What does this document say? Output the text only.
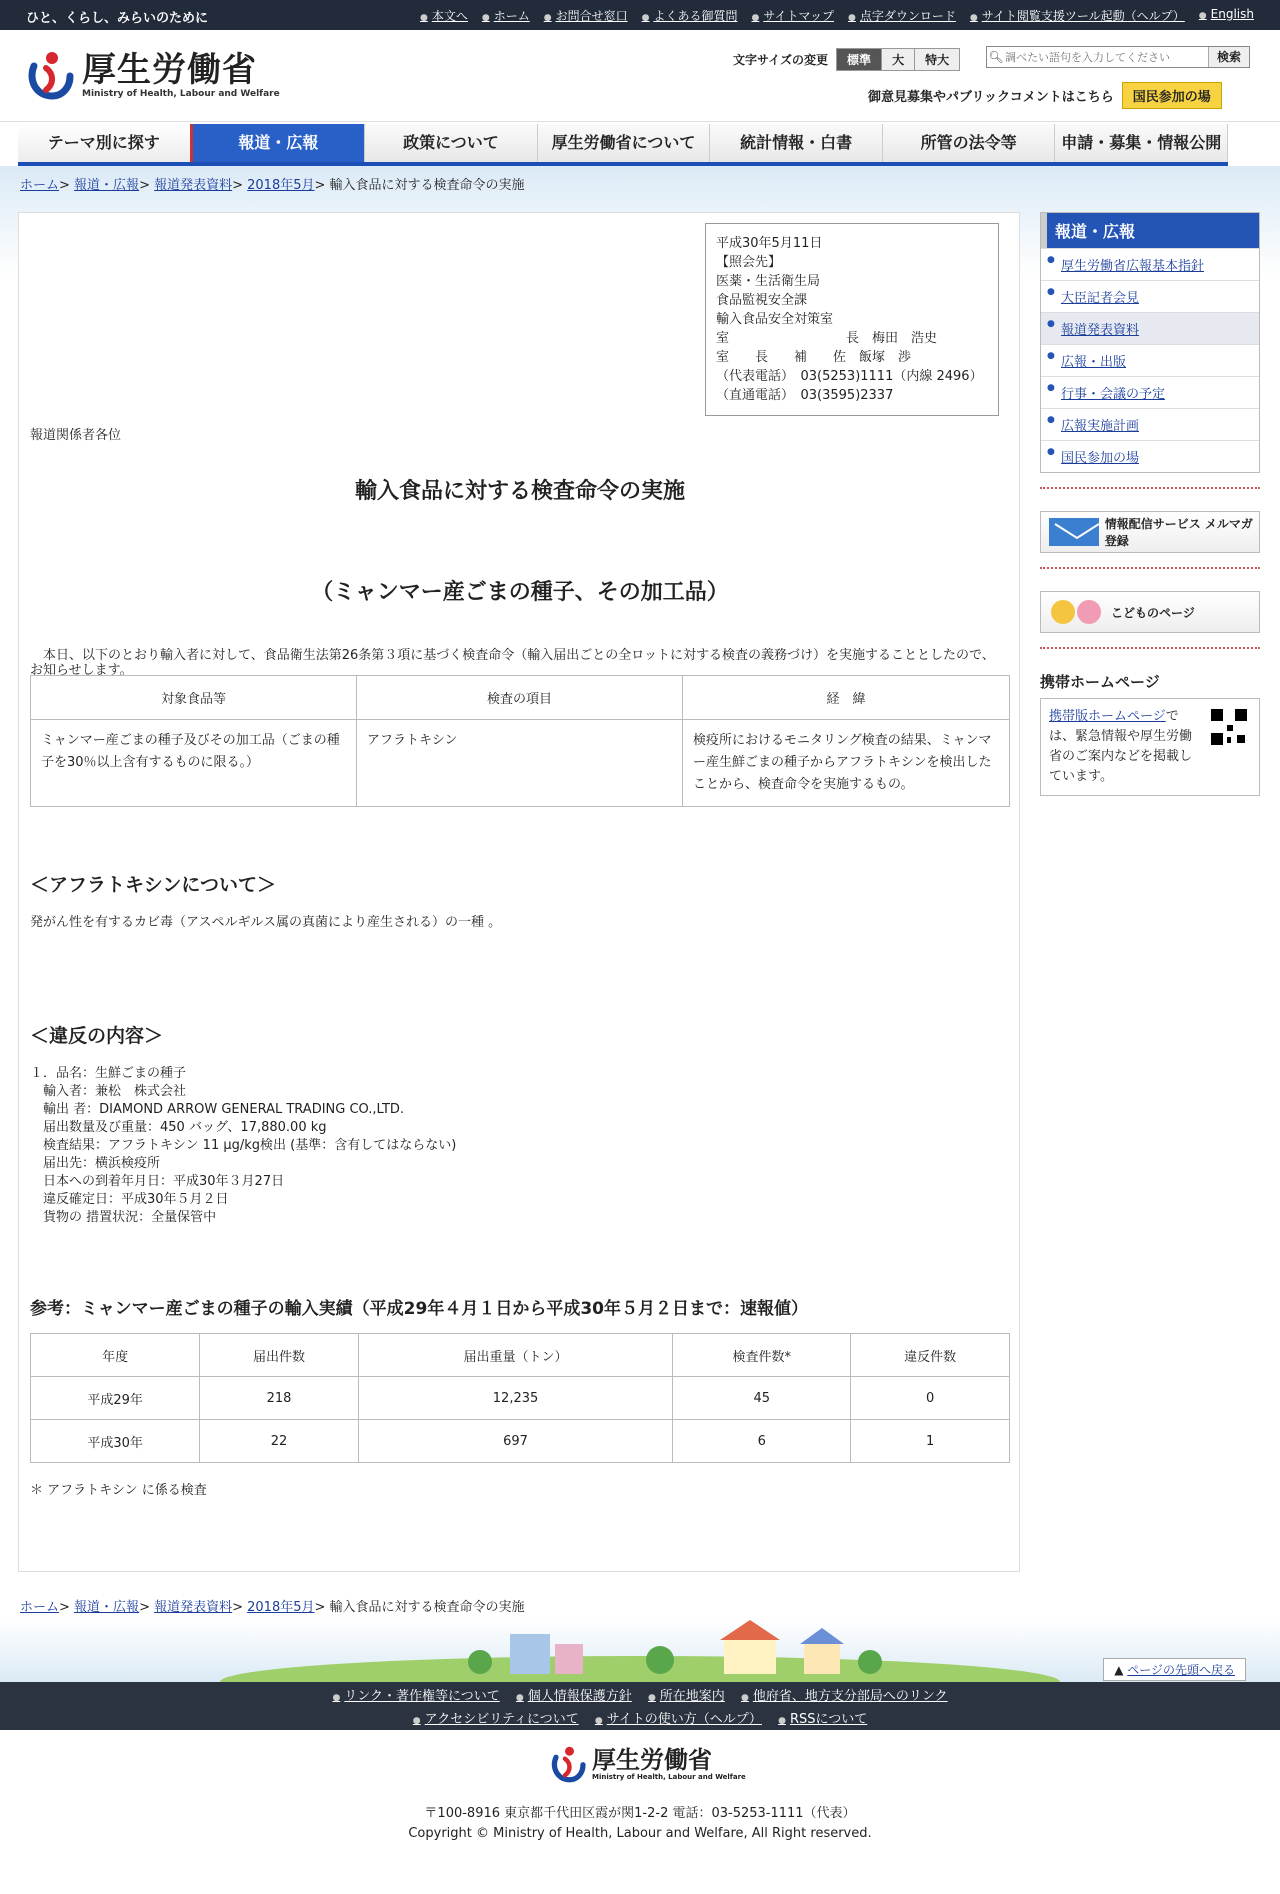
ひと、くらし、みらいのために	● 本文へ	● ホーム	● お問合せ窓口	● よくある御質問	● サイトマップ	● 点字ダウンロード	● サイト閲覧支援ツール起動（ヘルプ）	● English
厚生労働省
Ministry of Health, Labour and Welfare
文字サイズの変更	標準	大	特大	🔍︎
調べたい語句を入力してください	検索
御意見募集やパブリックコメントはこちら	国民参加の場
テーマ別に探す	報道・広報	政策について	厚生労働省について	統計情報・白書	所管の法令等	申請・募集・情報公開
ホーム> 報道・広報> 報道発表資料> 2018年5月> 輸入食品に対する検査命令の実施
平成30年5月11日
【照会先】
医薬・生活衛生局
食品監視安全課
輸入食品安全対策室
室　　　　　　　　　長　梅田　浩史
室　　長　　補　　佐　飯塚　渉
（代表電話）　03(5253)1111（内線 2496）
（直通電話）　03(3595)2337
報道関係者各位
輸入食品に対する検査命令の実施
（ミャンマー産ごまの種子、その加工品）
　本日、以下のとおり輸入者に対して、食品衛生法第26条第３項に基づく検査命令（輸入届出ごとの全ロットに対する検査の義務づけ）を実施することとしたので、お知らせします。
対象食品等	検査の項目	経　緯
ミャンマー産ごまの種子及びその加工品（ごまの種子を30％以上含有するものに限る。）	アフラトキシン	検疫所におけるモニタリング検査の結果、ミャンマー産生鮮ごまの種子からアフラトキシンを検出したことから、検査命令を実施するもの。
＜アフラトキシンについて＞
発がん性を有するカビ毒（アスペルギルス属の真菌により産生される）の一種 。
＜違反の内容＞
１．品名：生鮮ごまの種子
　輸入者：兼松　株式会社
　輸出 者：DIAMOND ARROW GENERAL TRADING CO.,LTD.
　届出数量及び重量：450 バッグ、17,880.00 kg
　検査結果：アフラトキシン 11 μg/kg検出 (基準：含有してはならない)
　届出先：横浜検疫所
　日本への到着年月日：平成30年３月27日
　違反確定日：平成30年５月２日
　貨物の 措置状況：全量保管中
参考：ミャンマー産ごまの種子の輸入実績（平成29年４月１日から平成30年５月２日まで：速報値）
年度	届出件数	届出重量（トン）	検査件数*	違反件数
平成29年	218	12,235	45	0
平成30年	22	697	6	1
＊ アフラトキシン に係る検査
報道・広報
● 厚生労働省広報基本指針
● 大臣記者会見
● 報道発表資料
● 広報・出版
● 行事・会議の予定
● 広報実施計画
● 国民参加の場
情報配信サービス メルマガ登録
こどものページ
携帯ホームページ
携帯版ホームページでは、緊急情報や厚生労働省のご案内などを掲載しています。
ホーム> 報道・広報> 報道発表資料> 2018年5月> 輸入食品に対する検査命令の実施
▲ ページの先頭へ戻る
● リンク・著作権等について ● 個人情報保護方針 ● 所在地案内 ● 他府省、地方支分部局へのリンク
● アクセシビリティについて ● サイトの使い方（ヘルプ） ● RSSについて
厚生労働省
Ministry of Health, Labour and Welfare
〒100-8916 東京都千代田区霞が関1-2-2 電話：03-5253-1111（代表）
Copyright © Ministry of Health, Labour and Welfare, All Right reserved.
